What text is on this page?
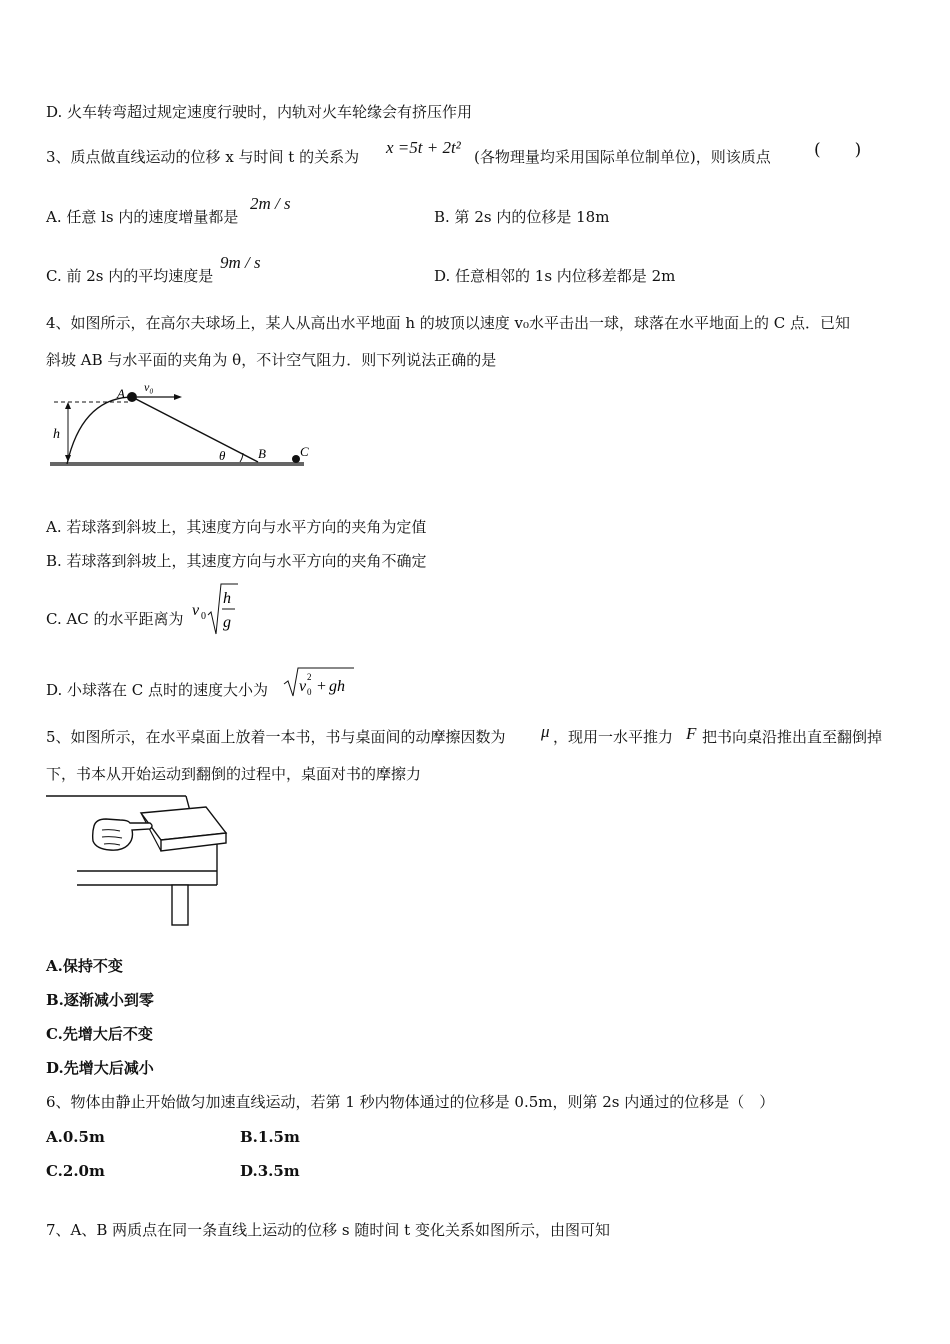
D. 火车转弯超过规定速度行驶时，内轨对火车轮缘会有挤压作用
3、质点做直线运动的位移 x 与时间 t 的关系为 x =5t + 2t² (各物理量均采用国际单位制单位)，则该质点	(　　)
A. 任意 ls 内的速度增量都是
2m / s
B. 第 2s 内的位移是 18m
C. 前 2s 内的平均速度是
9m / s
D. 任意相邻的 1s 内位移差都是 2m
4、如图所示，在高尔夫球场上，某人从高出水平地面 h 的坡顶以速度 v₀水平击出一球，球落在水平地面上的 C 点．已知
斜坡 AB 与水平面的夹角为 θ，不计空气阻力．则下列说法正确的是
A v₀
h
θ	B	C
A. 若球落到斜坡上，其速度方向与水平方向的夹角为定值
B. 若球落到斜坡上，其速度方向与水平方向的夹角不确定
C. AC 的水平距离为 v 0
h
g
D. 小球落在 C 点时的速度大小为 v
2
0 + gh
5、如图所示，在水平桌面上放着一本书，书与桌面间的动摩擦因数为 μ ，现用一水平推力 F 把书向桌沿推出直至翻倒掉
下，书本从开始运动到翻倒的过程中，桌面对书的摩擦力
A.保持不变
B.逐渐减小到零
C.先增大后不变
D.先增大后减小
6、物体由静止开始做匀加速直线运动，若第 1 秒内物体通过的位移是 0.5m，则第 2s 内通过的位移是（　）
A.0.5m	B.1.5m
C.2.0m	D.3.5m
7、A、B 两质点在同一条直线上运动的位移 s 随时间 t 变化关系如图所示，由图可知
